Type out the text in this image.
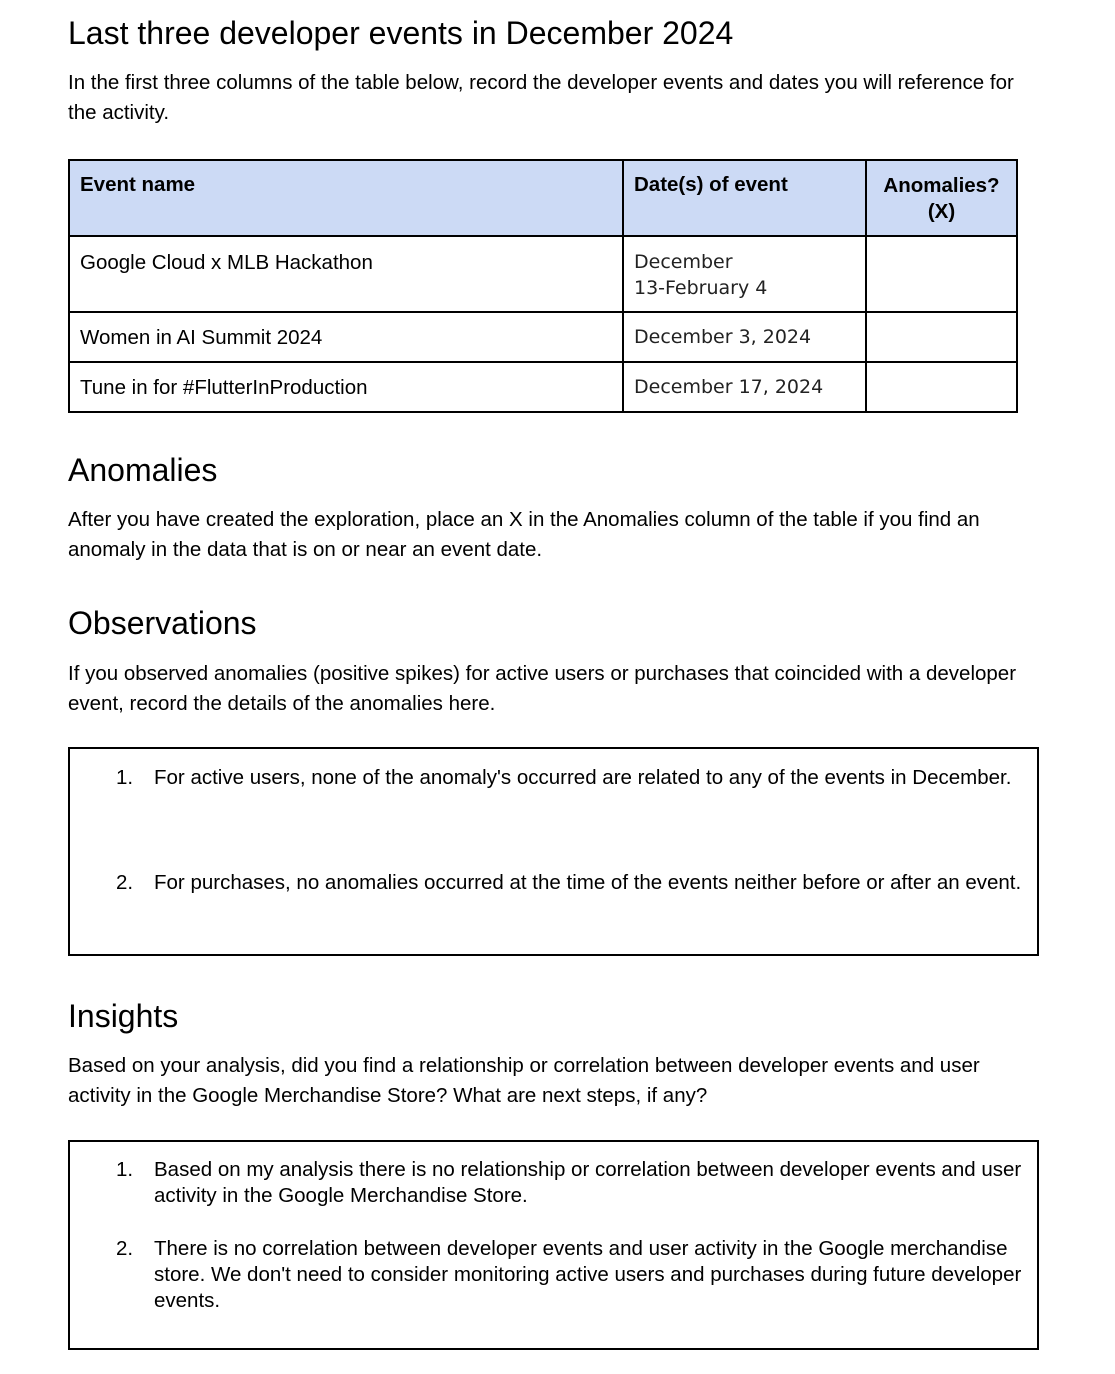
Last three developer events in December 2024

In the first three columns of the table below, record the developer events and dates you will reference for the activity.

Event name	Date(s) of event	Anomalies?
(X)
Google Cloud x MLB Hackathon	December
13-February 4	
Women in AI Summit 2024	December 3, 2024	
Tune in for #FlutterInProduction	December 17, 2024	
Anomalies

After you have created the exploration, place an X in the Anomalies column of the table if you find an anomaly in the data that is on or near an event date.

Observations

If you observed anomalies (positive spikes) for active users or purchases that coincided with a developer event, record the details of the anomalies here.

1.	For active users, none of the anomaly's occurred are related to any of the events in December.
2.	For purchases, no anomalies occurred at the time of the events neither before or after an event.
Insights

Based on your analysis, did you find a relationship or correlation between developer events and user activity in the Google Merchandise Store? What are next steps, if any?

1.	Based on my analysis there is no relationship or correlation between developer events and user activity in the Google Merchandise Store.
2.	There is no correlation between developer events and user activity in the Google merchandise store. We don't need to consider monitoring active users and purchases during future developer events.
